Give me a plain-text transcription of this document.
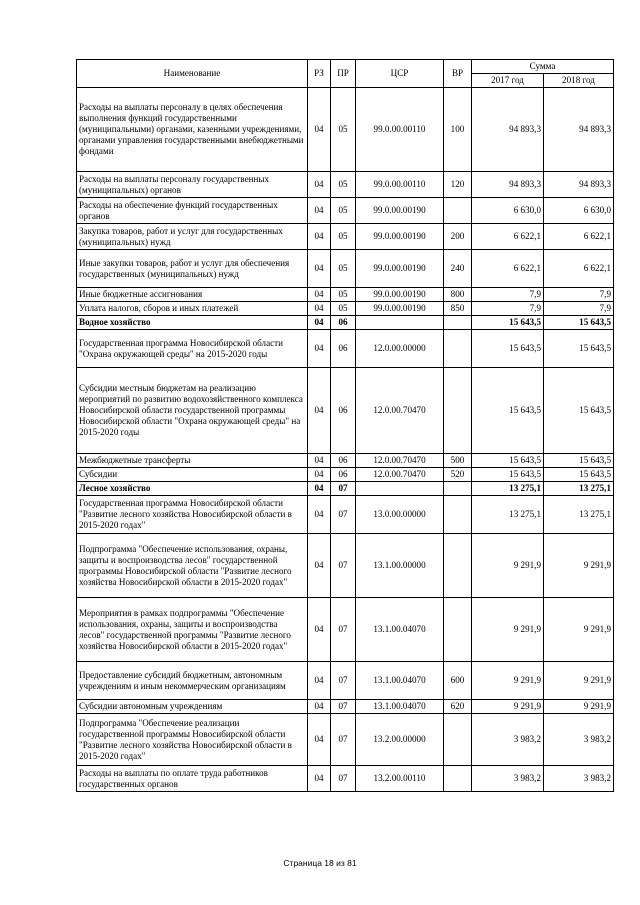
Наименование	РЗ	ПР	ЦСР	ВР	Сумма	
					2017 год	2018 год
Расходы на выплаты персоналу в целях обеспечения выполнения функций государственными (муниципальными) органами, казенными учреждениями, органами управления государственными внебюджетными фондами	04	05	99.0.00.00110	100	94 893,3	94 893,3
Расходы на выплаты персоналу государственных (муниципальных) органов	04	05	99.0.00.00110	120	94 893,3	94 893,3
Расходы на обеспечение функций государственных органов	04	05	99.0.00.00190		6 630,0	6 630,0
Закупка товаров, работ и услуг для государственных (муниципальных) нужд	04	05	99.0.00.00190	200	6 622,1	6 622,1
Иные закупки товаров, работ и услуг для обеспечения государственных (муниципальных) нужд	04	05	99.0.00.00190	240	6 622,1	6 622,1
Иные бюджетные ассигнования	04	05	99.0.00.00190	800	7,9	7,9
Уплата налогов, сборов и иных платежей	04	05	99.0.00.00190	850	7,9	7,9
Водное хозяйство	04	06			15 643,5	15 643,5
Государственная программа Новосибирской области "Охрана окружающей среды" на 2015-2020 годы	04	06	12.0.00.00000		15 643,5	15 643,5
Субсидии местным бюджетам на реализацию мероприятий по развитию водохозяйственного комплекса Новосибирской области государственной программы Новосибирской области "Охрана окружающей среды" на 2015-2020 годы	04	06	12.0.00.70470		15 643,5	15 643,5
Межбюджетные трансферты	04	06	12.0.00.70470	500	15 643,5	15 643,5
Субсидии	04	06	12.0.00.70470	520	15 643,5	15 643,5
Лесное хозяйство	04	07			13 275,1	13 275,1
Государственная программа Новосибирской области "Развитие лесного хозяйства Новосибирской области в 2015-2020 годах"	04	07	13.0.00.00000		13 275,1	13 275,1
Подпрограмма "Обеспечение использования, охраны, защиты и воспроизводства лесов" государственной программы Новосибирской области "Развитие лесного хозяйства Новосибирской области в 2015-2020 годах"	04	07	13.1.00.00000		9 291,9	9 291,9
Мероприятия в рамках подпрограммы "Обеспечение использования, охраны, защиты и воспроизводства лесов" государственной программы "Развитие лесного хозяйства Новосибирской области в 2015-2020 годах"	04	07	13.1.00.04070		9 291,9	9 291,9
Предоставление субсидий бюджетным, автономным учреждениям и иным некоммерческим организациям	04	07	13.1.00.04070	600	9 291,9	9 291,9
Субсидии автономным учреждениям	04	07	13.1.00.04070	620	9 291,9	9 291,9
Подпрограмма "Обеспечение реализации государственной программы Новосибирской области "Развитие лесного хозяйства Новосибирской области в 2015-2020 годах"	04	07	13.2.00.00000		3 983,2	3 983,2
Расходы на выплаты по оплате труда работников государственных органов	04	07	13.2.00.00110		3 983,2	3 983,2
Страница 18 из 81
